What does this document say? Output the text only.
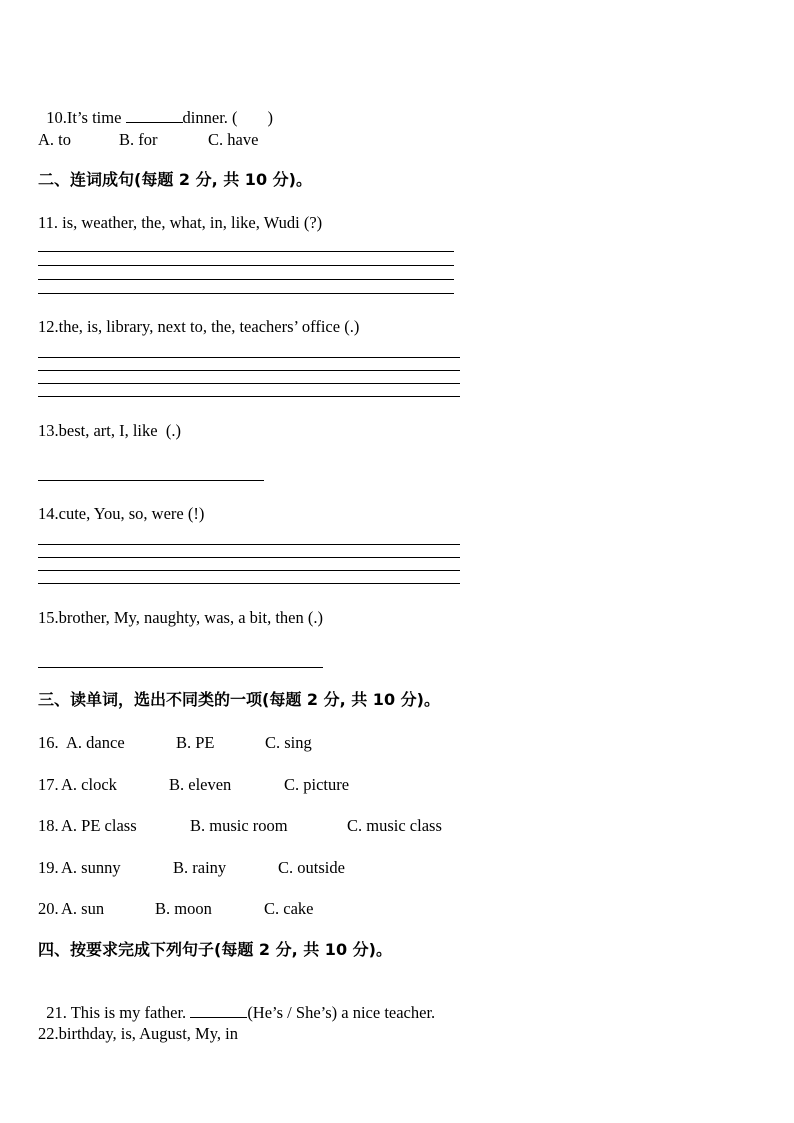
10.It’s time	dinner. ( )

A. to	B. for	C. have
二、连词成句(每题 2 分, 共 10 分)。
11. is, weather, the, what, in, like, Wudi (?)
12.the, is, library, next to, the, teachers’ office (.)
13.best, art, I, like  (.)
14.cute, You, so, were (!)
15.brother, My, naughty, was, a bit, then (.)
三、读单词，选出不同类的一项(每题 2 分, 共 10 分)。
16. A. dance	B. PE	C. sing
17. A. clock	B. eleven	C. picture
18. A. PE class	B. music room	C. music class
19. A. sunny	B. rainy	C. outside
20. A. sun	B. moon	C. cake
四、按要求完成下列句子(每题 2 分, 共 10 分)。

21. This is my father.	(He’s / She’s) a nice teacher.

22.birthday, is, August, My, in
